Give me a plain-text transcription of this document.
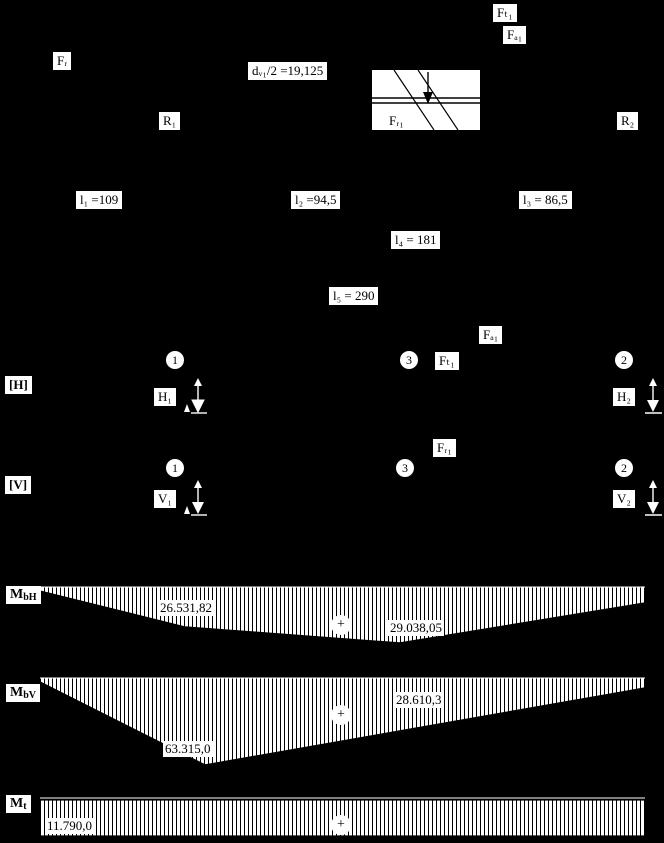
Fₜ₁
Fₐ₁
Fᵣ
dᵥ₁/2 =19,125
Fᵣ₁
R₁	R₂
l₁ =109	l₂ =94,5	l₃ = 86,5
l₄ = 181
l₅ = 290
[H]
1	3	2
Fₜ₁
Fₐ₁
H₁	H₂
[V]
1	3	2
Fᵣ₁
V₁	V₂
$M_{bH}$
26.531,82
29.038,05
+
$M_{bV}$	28.610,3
63.315,0
+
$M_t$
11.790,0	+
